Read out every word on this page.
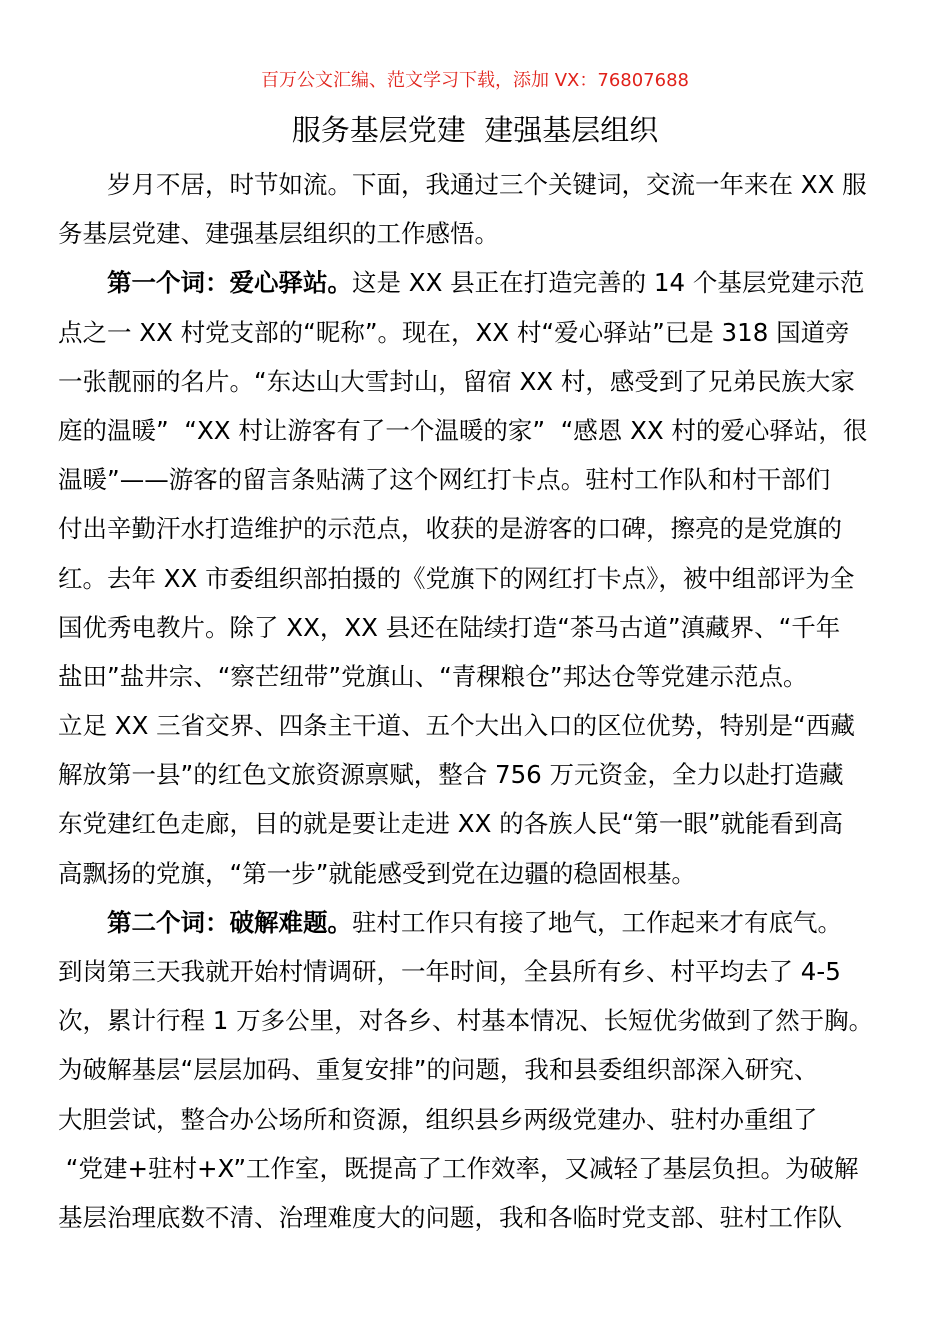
百万公文汇编、范文学习下载，添加 VX：76807688
服务基层党建  建强基层组织
岁月不居，时节如流。下面，我通过三个关键词，交流一年来在 XX 服
务基层党建、建强基层组织的工作感悟。
第一个词：爱心驿站。这是 XX 县正在打造完善的 14 个基层党建示范
点之一 XX 村党支部的“昵称”。现在，XX 村“爱心驿站”已是 318 国道旁
一张靓丽的名片。“东达山大雪封山，留宿 XX 村，感受到了兄弟民族大家
庭的温暖”  “XX 村让游客有了一个温暖的家”  “感恩 XX 村的爱心驿站，很
温暖”——游客的留言条贴满了这个网红打卡点。驻村工作队和村干部们
付出辛勤汗水打造维护的示范点，收获的是游客的口碑，擦亮的是党旗的
红。去年 XX 市委组织部拍摄的《党旗下的网红打卡点》，被中组部评为全
国优秀电教片。除了 XX，XX 县还在陆续打造“茶马古道”滇藏界、“千年
盐田”盐井宗、“察芒纽带”党旗山、“青稞粮仓”邦达仓等党建示范点。
立足 XX 三省交界、四条主干道、五个大出入口的区位优势，特别是“西藏
解放第一县”的红色文旅资源禀赋，整合 756 万元资金，全力以赴打造藏
东党建红色走廊，目的就是要让走进 XX 的各族人民“第一眼”就能看到高
高飘扬的党旗，“第一步”就能感受到党在边疆的稳固根基。
第二个词：破解难题。驻村工作只有接了地气，工作起来才有底气。
到岗第三天我就开始村情调研，一年时间，全县所有乡、村平均去了 4-5
次，累计行程 1 万多公里，对各乡、村基本情况、长短优劣做到了然于胸。
为破解基层“层层加码、重复安排”的问题，我和县委组织部深入研究、
大胆尝试，整合办公场所和资源，组织县乡两级党建办、驻村办重组了
“党建+驻村+X”工作室，既提高了工作效率，又减轻了基层负担。为破解
基层治理底数不清、治理难度大的问题，我和各临时党支部、驻村工作队
